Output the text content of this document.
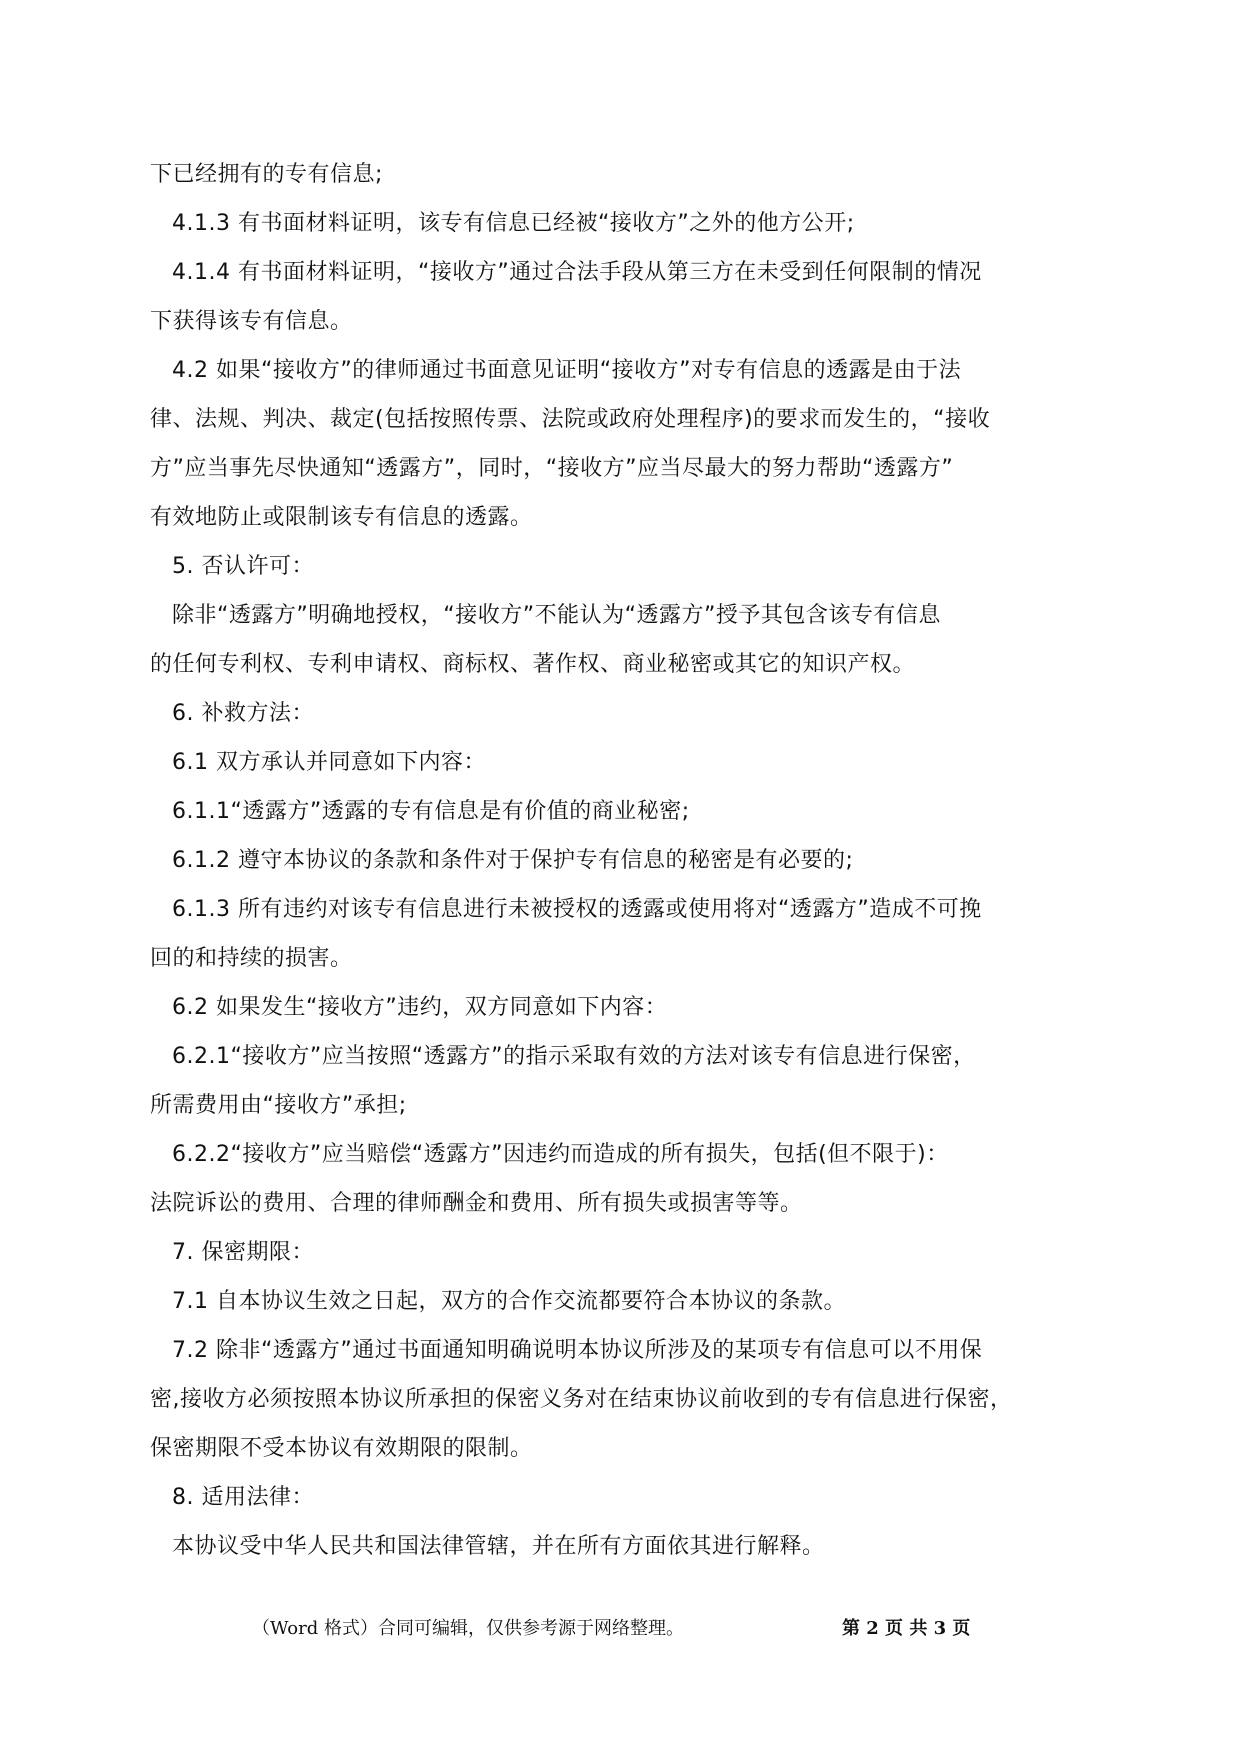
下已经拥有的专有信息;

4.1.3 有书面材料证明，该专有信息已经被“接收方”之外的他方公开;

4.1.4 有书面材料证明，“接收方”通过合法手段从第三方在未受到任何限制的情况
下获得该专有信息。

4.2 如果“接收方”的律师通过书面意见证明“接收方”对专有信息的透露是由于法
律、法规、判决、裁定(包括按照传票、法院或政府处理程序)的要求而发生的，“接收
方”应当事先尽快通知“透露方”，同时，“接收方”应当尽最大的努力帮助“透露方”
有效地防止或限制该专有信息的透露。

5. 否认许可：

除非“透露方”明确地授权，“接收方”不能认为“透露方”授予其包含该专有信息
的任何专利权、专利申请权、商标权、著作权、商业秘密或其它的知识产权。

6. 补救方法：

6.1 双方承认并同意如下内容：

6.1.1“透露方”透露的专有信息是有价值的商业秘密;

6.1.2 遵守本协议的条款和条件对于保护专有信息的秘密是有必要的;

6.1.3 所有违约对该专有信息进行未被授权的透露或使用将对“透露方”造成不可挽
回的和持续的损害。

6.2 如果发生“接收方”违约，双方同意如下内容：

6.2.1“接收方”应当按照“透露方”的指示采取有效的方法对该专有信息进行保密，
所需费用由“接收方”承担;

6.2.2“接收方”应当赔偿“透露方”因违约而造成的所有损失，包括(但不限于)：
法院诉讼的费用、合理的律师酬金和费用、所有损失或损害等等。

7. 保密期限：

7.1 自本协议生效之日起，双方的合作交流都要符合本协议的条款。

7.2 除非“透露方”通过书面通知明确说明本协议所涉及的某项专有信息可以不用保
密,接收方必须按照本协议所承担的保密义务对在结束协议前收到的专有信息进行保密，
保密期限不受本协议有效期限的限制。

8. 适用法律：

本协议受中华人民共和国法律管辖，并在所有方面依其进行解释。

（Word 格式）合同可编辑，仅供参考源于网络整理。	第 2 页 共 3 页
